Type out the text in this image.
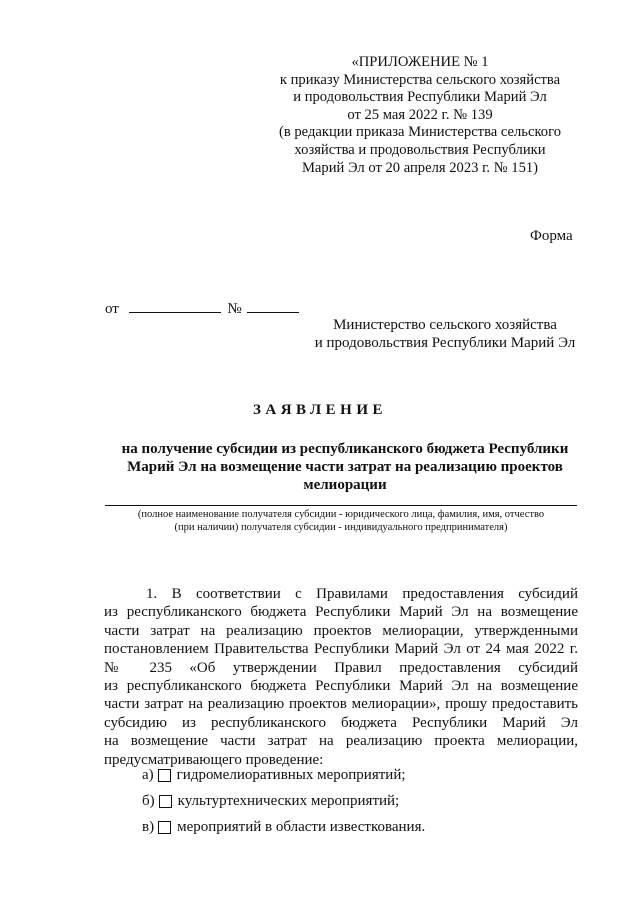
«ПРИЛОЖЕНИЕ № 1
к приказу Министерства сельского хозяйства
и продовольствия Республики Марий Эл
от 25 мая 2022 г. № 139
(в редакции приказа Министерства сельского
хозяйства и продовольствия Республики
Марий Эл от 20 апреля 2023 г. № 151)
Форма
от	№
Министерство сельского хозяйства
и продовольствия Республики Марий Эл
ЗАЯВЛЕНИЕ
на получение субсидии из республиканского бюджета Республики
Марий Эл на возмещение части затрат на реализацию проектов
мелиорации
(полное наименование получателя субсидии - юридического лица, фамилия, имя, отчество
(при наличии) получателя субсидии - индивидуального предпринимателя)
1. В соответствии с Правилами предоставления субсидий
из республиканского бюджета Республики Марий Эл на возмещение
части затрат на реализацию проектов мелиорации, утвержденными
постановлением Правительства Республики Марий Эл от 24 мая 2022 г.
№ 235 «Об утверждении Правил предоставления субсидий
из республиканского бюджета Республики Марий Эл на возмещение
части затрат на реализацию проектов мелиорации», прошу предоставить
субсидию из республиканского бюджета Республики Марий Эл
на возмещение части затрат на реализацию проекта мелиорации,
предусматривающего проведение:
а) гидромелиоративных мероприятий;
б) культуртехнических мероприятий;
в) мероприятий в области известкования.
